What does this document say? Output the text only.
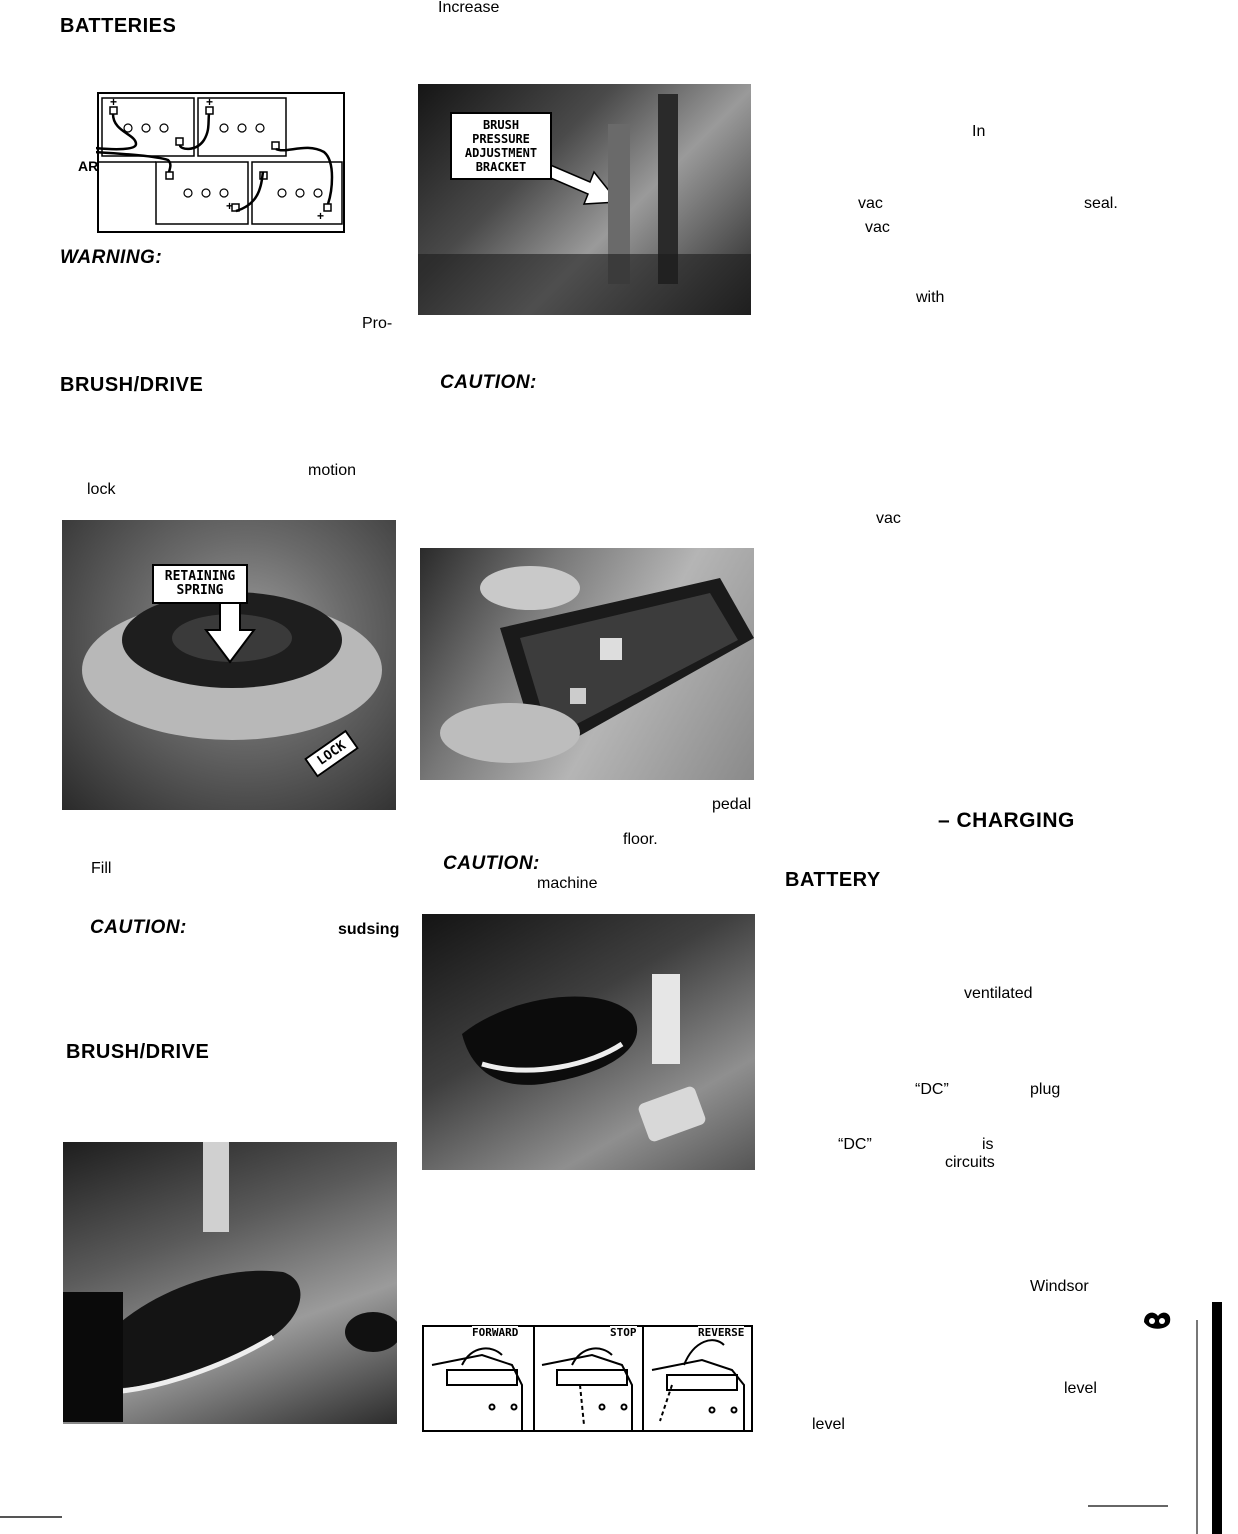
BATTERIES
BRUSH/DRIVE
BRUSH/DRIVE
– CHARGING
BATTERY
WARNING:
CAUTION:
CAUTION:
CAUTION:
Increase
In
vac	seal.
vac
with
Pro-
motion
lock
vac
pedal
floor.
Fill
machine
sudsing
ventilated
“DC”	plug
“DC”	is
circuits
Windsor
level
level
+	+
+
+
AR
BRUSH
PRESSURE
ADJUSTMENT
BRACKET
RETAINING
SPRING
LOCK
FORWARD	STOP	REVERSE
